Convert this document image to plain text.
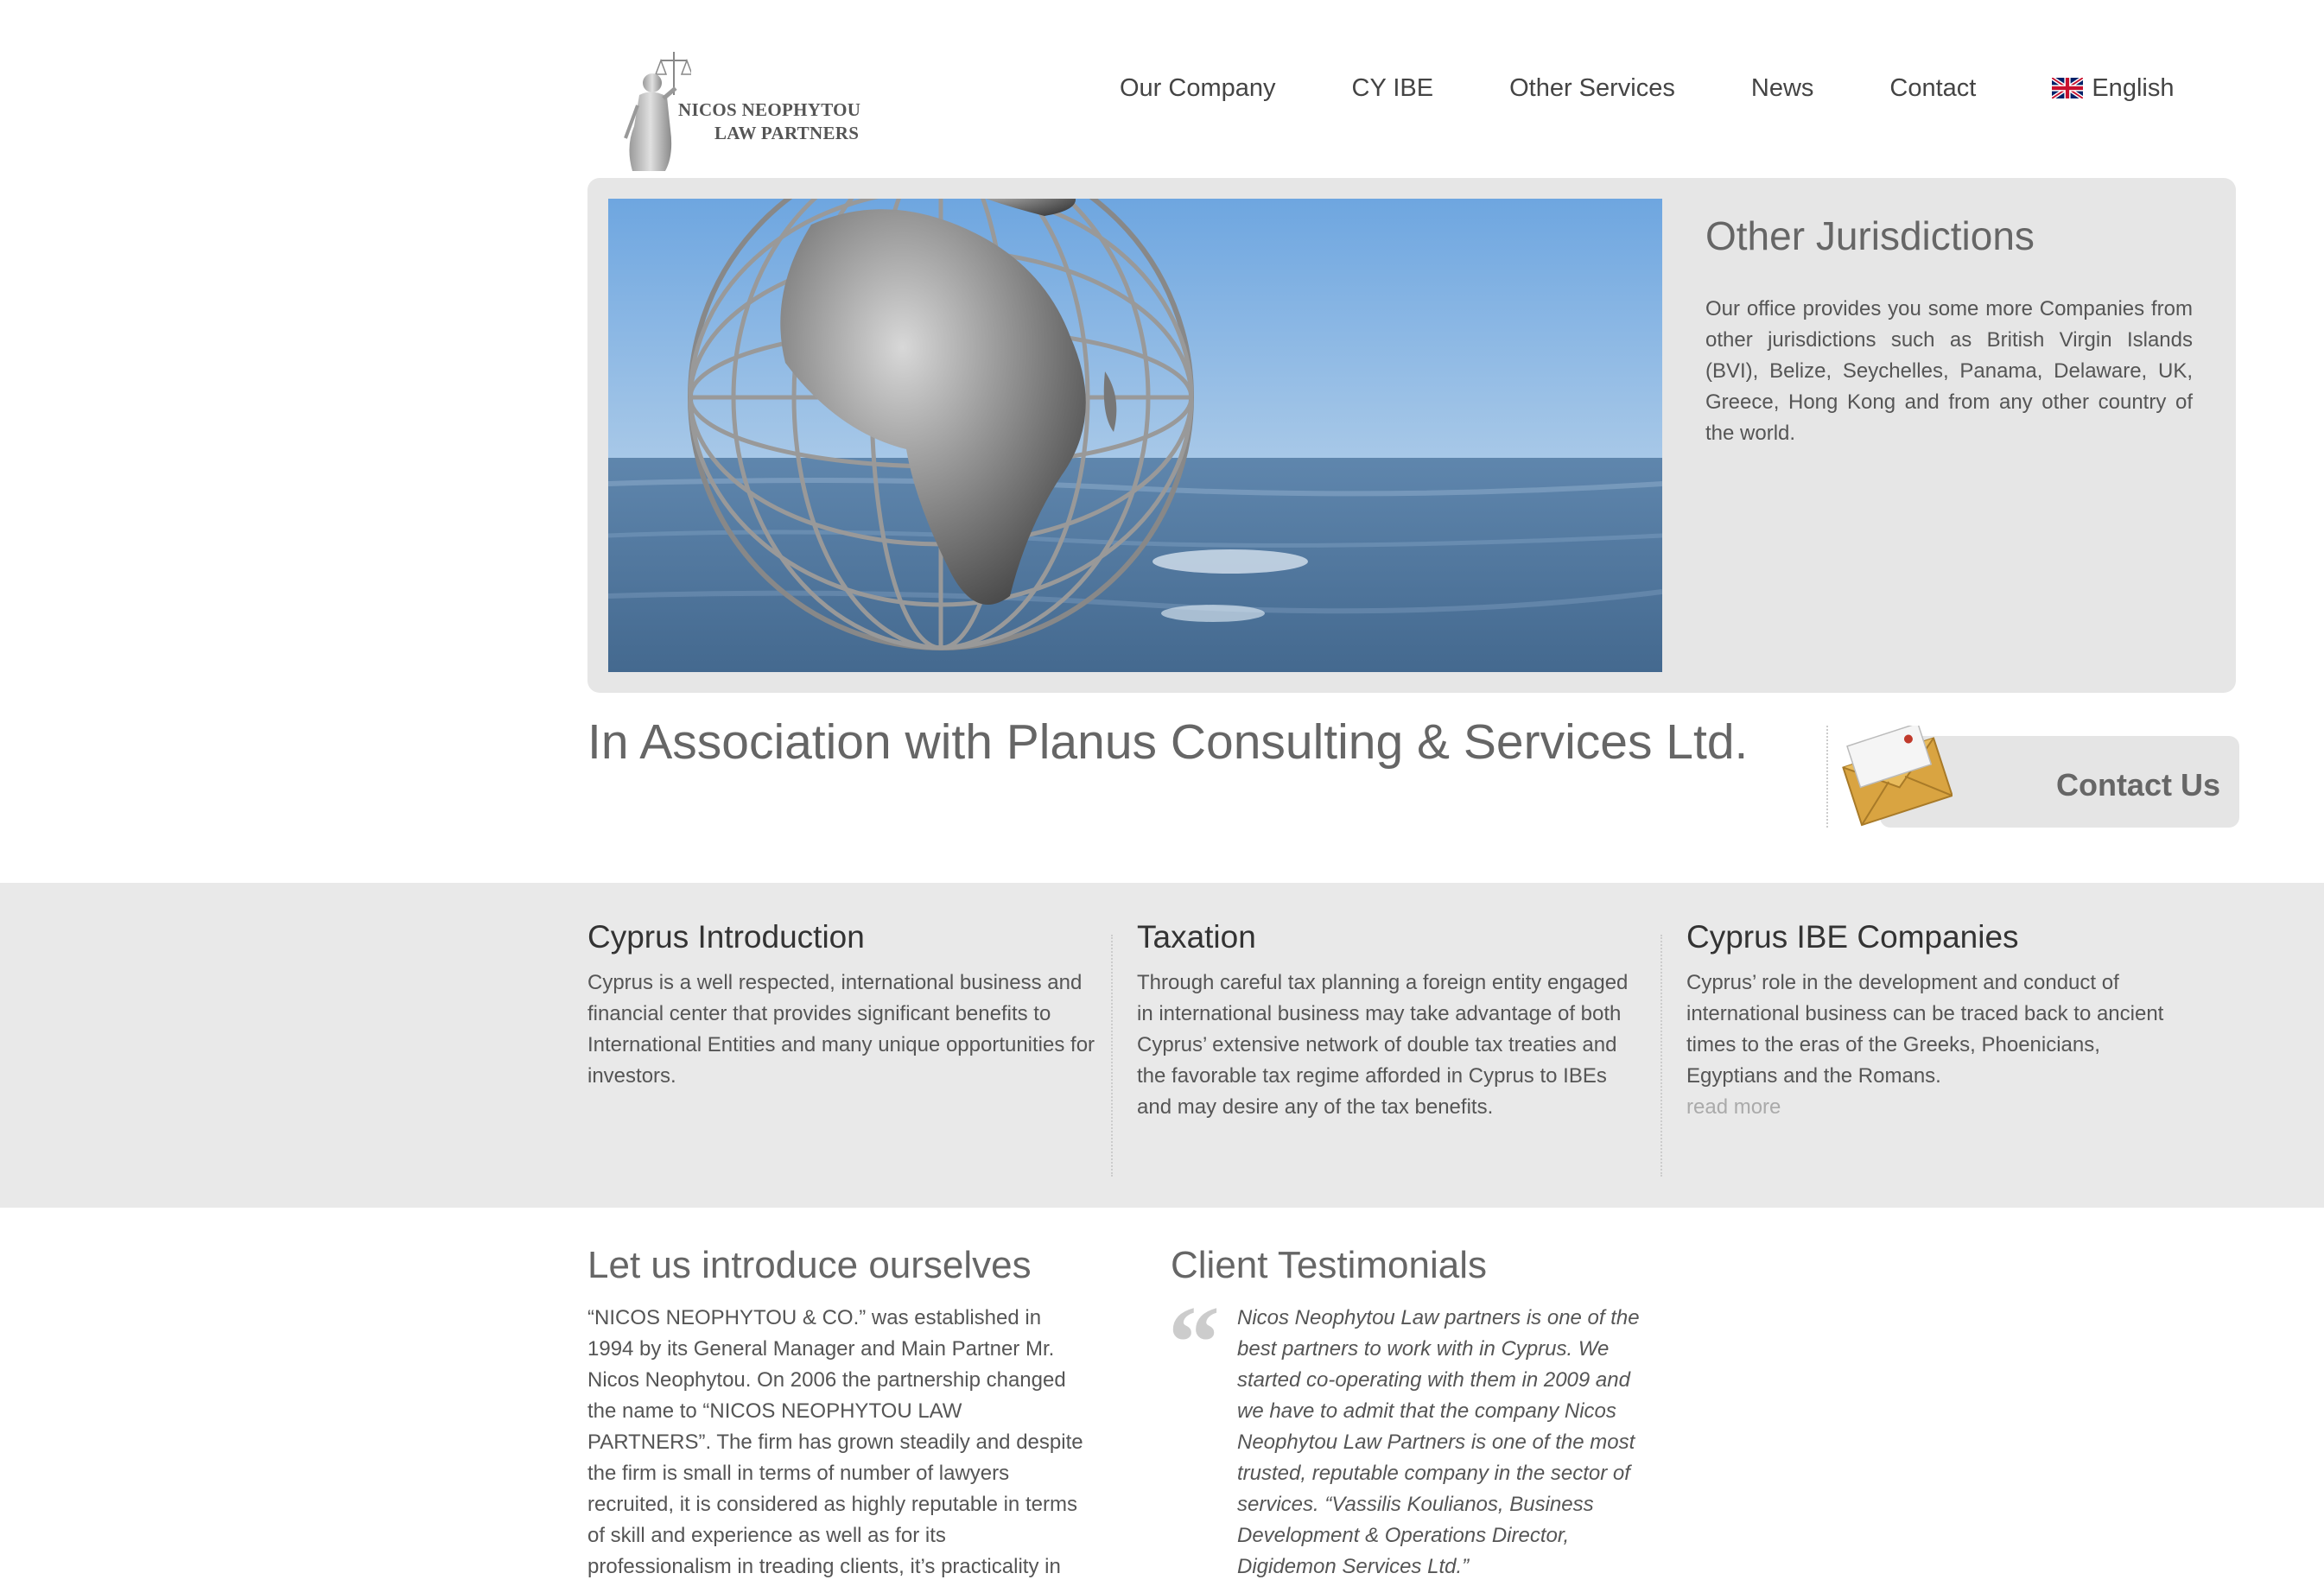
NICOS NEOPHYTOU
LAW PARTNERS
Our Company	CY IBE	Other Services	News	Contact	English
Other Jurisdictions
Our office provides you some more Companies from other jurisdictions such as British Virgin Islands (BVI), Belize, Seychelles, Panama, Delaware, UK, Greece, Hong Kong and from any other country of the world.
In Association with Planus Consulting & Services Ltd.
Contact Us
Cyprus Introduction

Cyprus is a well respected, international business and financial center that provides significant benefits to International Entities and many unique opportunities for investors.

Taxation

Through careful tax planning a foreign entity engaged in international business may take advantage of both Cyprus’ extensive network of double tax treaties and the favorable tax regime afforded in Cyprus to IBEs and may desire any of the tax benefits.

Cyprus IBE Companies

Cyprus’ role in the development and conduct of international business can be traced back to ancient times to the eras of the Greeks, Phoenicians, Egyptians and the Romans.

read more
Let us introduce ourselves
“NICOS NEOPHYTOU & CO.” was established in 1994 by its General Manager and Main Partner Mr. Nicos Neophytou. On 2006 the partnership changed the name to “NICOS NEOPHYTOU LAW PARTNERS”. The firm has grown steadily and despite the firm is small in terms of number of lawyers recruited, it is considered as highly reputable in terms of skill and experience as well as for its professionalism in treading clients, it’s practicality in
Client Testimonials
“ Nicos Neophytou Law partners is one of the best partners to work with in Cyprus. We started co-operating with them in 2009 and we have to admit that the company Nicos Neophytou Law Partners is one of the most trusted, reputable company in the sector of services. “Vassilis Koulianos, Business Development & Operations Director, Digidemon Services Ltd.”
